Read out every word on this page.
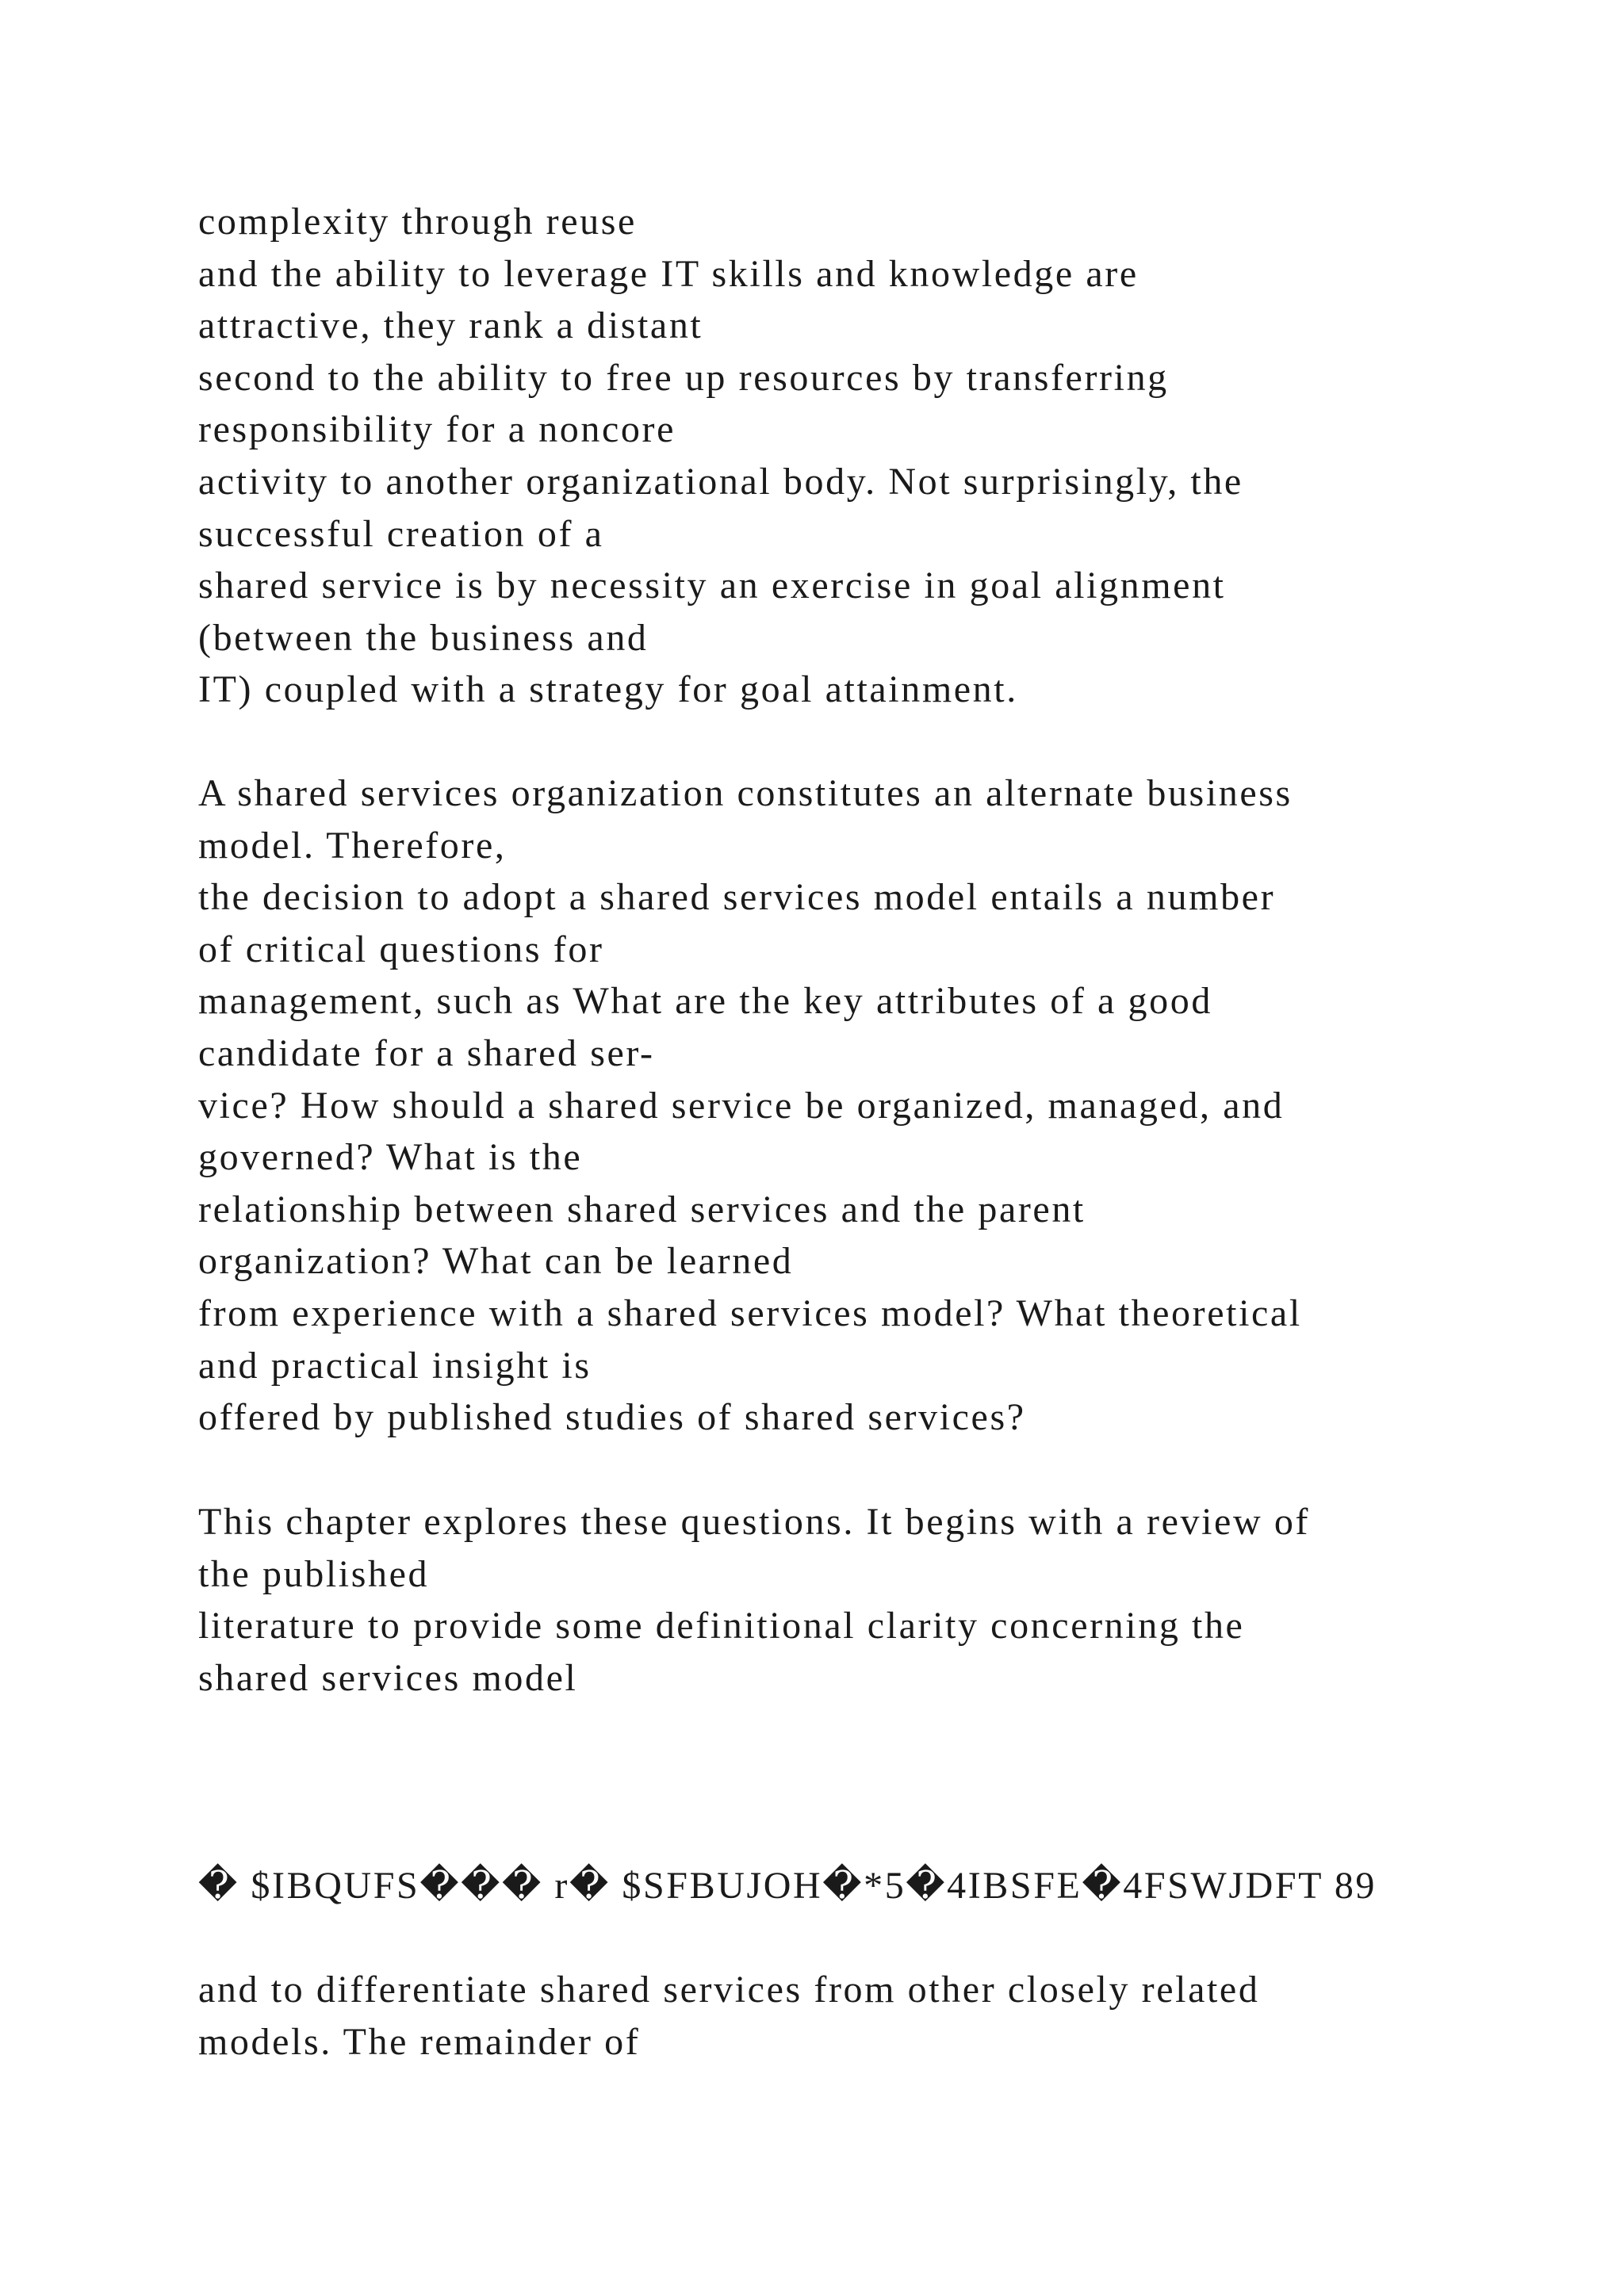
complexity through reuse
and the ability to leverage IT skills and knowledge are
attractive, they rank a distant
second to the ability to free up resources by transferring
responsibility for a noncore
activity to another organizational body. Not surprisingly, the
successful creation of a
shared service is by necessity an exercise in goal alignment
(between the business and
IT) coupled with a strategy for goal attainment.
A shared services organization constitutes an alternate business
model. Therefore,
the decision to adopt a shared services model entails a number
of critical questions for
management, such as What are the key attributes of a good
candidate for a shared ser-
vice? How should a shared service be organized, managed, and
governed? What is the
relationship between shared services and the parent
organization? What can be learned
from experience with a shared services model? What theoretical
and practical insight is
offered by published studies of shared services?
This chapter explores these questions. It begins with a review of
the published
literature to provide some definitional clarity concerning the
shared services model
� $IBQUFS��� r� $SFBUJOH�*5�4IBSFE�4FSWJDFT 89
and to differentiate shared services from other closely related
models. The remainder of
